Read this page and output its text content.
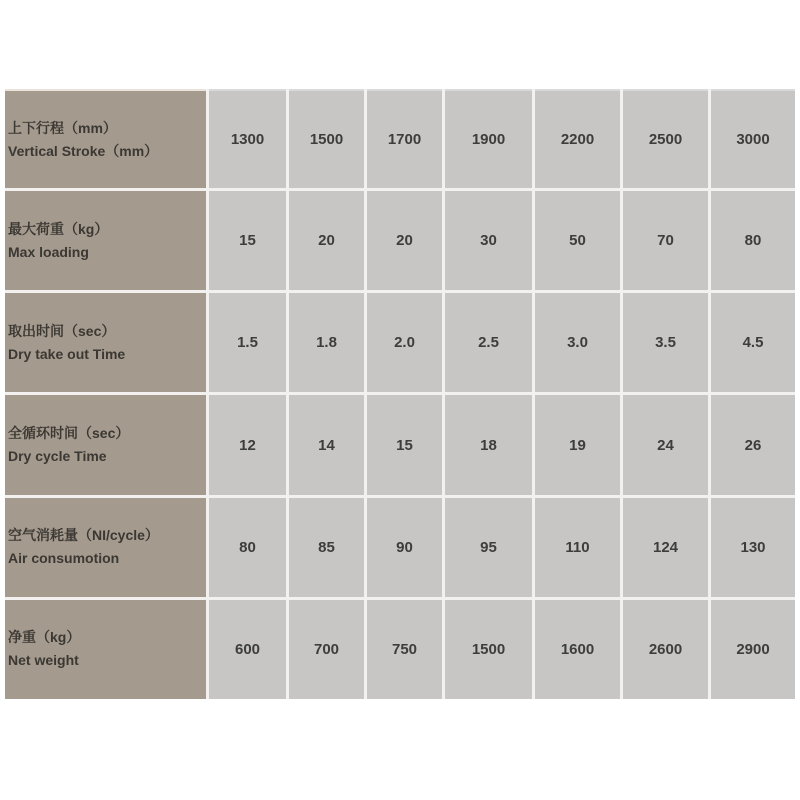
上下行程（mm）
Vertical Stroke（mm）
1300	1500	1700	1900	2200	2500	3000
最大荷重（kg）
Max loading
15	20	20	30	50	70	80
取出时间（sec）
Dry take out Time
1.5	1.8	2.0	2.5	3.0	3.5	4.5
全循环时间（sec）
Dry cycle Time
12	14	15	18	19	24	26
空气消耗量（NI/cycle）
Air consumotion
80	85	90	95	110	124	130
净重（kg）
Net weight
600	700	750	1500	1600	2600	2900
